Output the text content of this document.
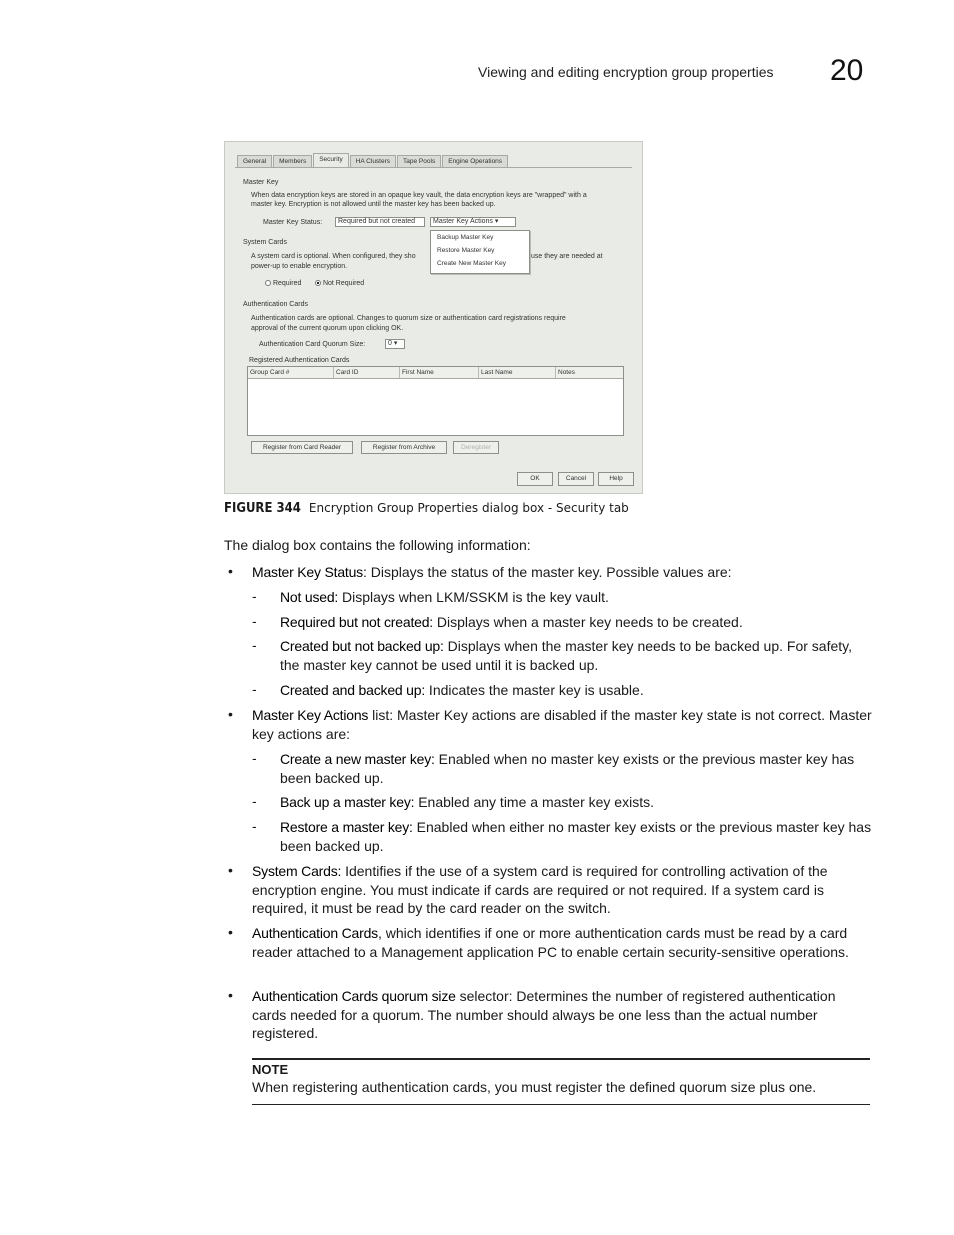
Viewing and editing encryption group properties 20
General	Members	Security	HA Clusters	Tape Pools	Engine Operations
Master Key
When data encryption keys are stored in an opaque key vault, the data encryption keys are "wrapped" with a
master key. Encryption is not allowed until the master key has been backed up.
Master Key Status:	Required but not created	Master Key Actions ▾
Backup Master Key
Restore Master Key
Create New Master Key
System Cards
A system card is optional. When configured, they sho	use they are needed at
power-up to enable encryption.
Required	Not Required
Authentication Cards
Authentication cards are optional. Changes to quorum size or authentication card registrations require
approval of the current quorum upon clicking OK.
Authentication Card Quorum Size:	0 ▾
Registered Authentication Cards
Group Card #	Card ID	First Name	Last Name	Notes
Register from Card Reader	Register from Archive	Deregister
OK	Cancel	Help
FIGURE 344 Encryption Group Properties dialog box - Security tab
The dialog box contains the following information:
• Master Key Status: Displays the status of the master key. Possible values are:
- Not used: Displays when LKM/SSKM is the key vault.
- Required but not created: Displays when a master key needs to be created.
- Created but not backed up: Displays when the master key needs to be backed up. For safety, the master key cannot be used until it is backed up.
- Created and backed up: Indicates the master key is usable.
• Master Key Actions list: Master Key actions are disabled if the master key state is not correct. Master key actions are:
- Create a new master key: Enabled when no master key exists or the previous master key has been backed up.
- Back up a master key: Enabled any time a master key exists.
- Restore a master key: Enabled when either no master key exists or the previous master key has been backed up.
• System Cards: Identifies if the use of a system card is required for controlling activation of the encryption engine. You must indicate if cards are required or not required. If a system card is required, it must be read by the card reader on the switch.
• Authentication Cards, which identifies if one or more authentication cards must be read by a card reader attached to a Management application PC to enable certain security-sensitive operations.
• Authentication Cards quorum size selector: Determines the number of registered authentication cards needed for a quorum. The number should always be one less than the actual number registered.
NOTE
When registering authentication cards, you must register the defined quorum size plus one.
